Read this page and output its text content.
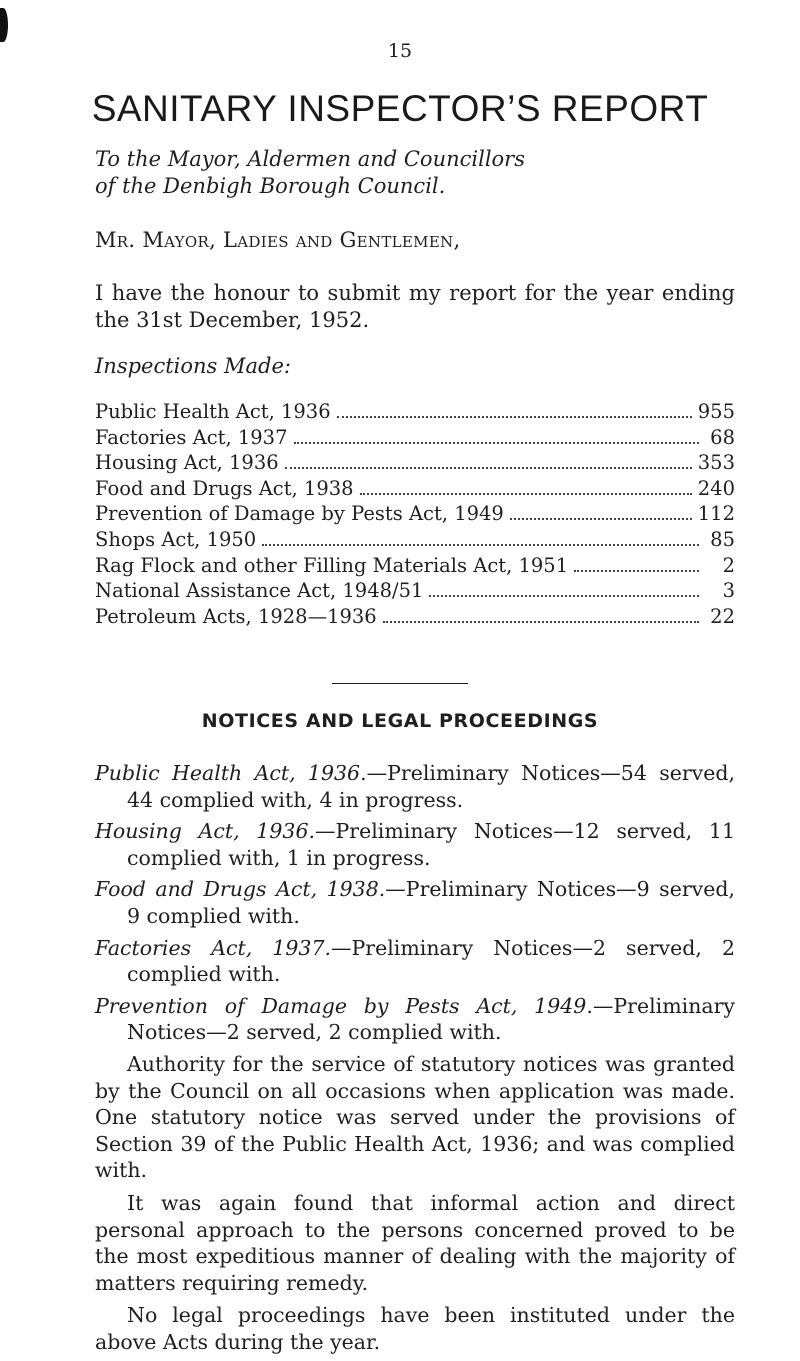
15
SANITARY INSPECTOR’S REPORT
To the Mayor, Aldermen and Councillors
of the Denbigh Borough Council.
Mr. Mayor, Ladies and Gentlemen,
I have the honour to submit my report for the year ending the 31st December, 1952.
Inspections Made:
Public Health Act, 1936	955
Factories Act, 1937	68
Housing Act, 1936	353
Food and Drugs Act, 1938	240
Prevention of Damage by Pests Act, 1949	112
Shops Act, 1950	85
Rag Flock and other Filling Materials Act, 1951	2
National Assistance Act, 1948/51	3
Petroleum Acts, 1928—1936	22
NOTICES AND LEGAL PROCEEDINGS

Public Health Act, 1936.—Preliminary Notices—54 served, 44 complied with, 4 in progress.

Housing Act, 1936.—Preliminary Notices—12 served, 11 complied with, 1 in progress.

Food and Drugs Act, 1938.—Preliminary Notices—9 served, 9 complied with.

Factories Act, 1937.—Preliminary Notices—2 served, 2 complied with.

Prevention of Damage by Pests Act, 1949.—Preliminary Notices—2 served, 2 complied with.

Authority for the service of statutory notices was granted by the Council on all occasions when application was made. One statutory notice was served under the provisions of Section 39 of the Public Health Act, 1936; and was complied with.

It was again found that informal action and direct personal approach to the persons concerned proved to be the most expeditious manner of dealing with the majority of matters requiring remedy.

No legal proceedings have been instituted under the above Acts during the year.
